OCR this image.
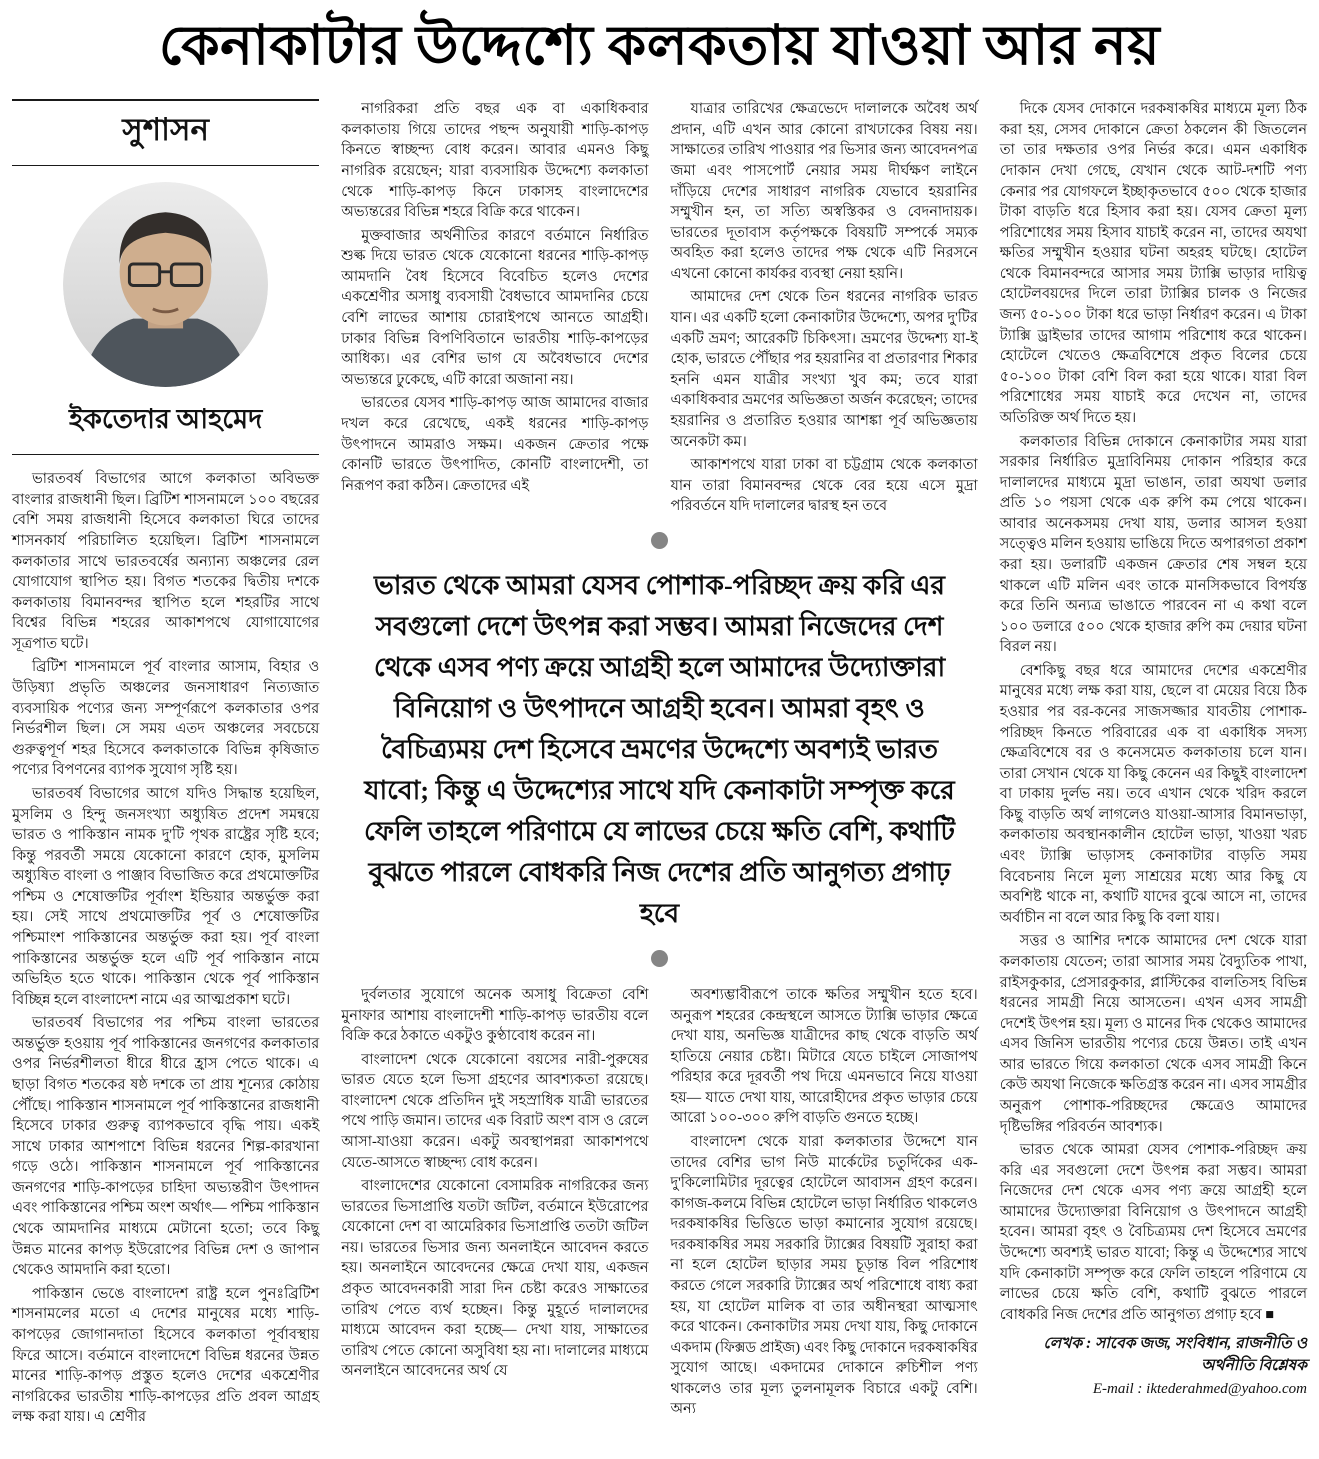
কেনাকাটার উদ্দেশ্যে কলকতায় যাওয়া আর নয়
সুশাসন
ইকতেদার আহমেদ

ভারতবর্ষ বিভাগের আগে কলকাতা অবিভক্ত বাংলার রাজধানী ছিল। ব্রিটিশ শাসনামলে ১০০ বছরের বেশি সময় রাজধানী হিসেবে কলকাতা ঘিরে তাদের শাসনকার্য পরিচালিত হয়েছিল। ব্রিটিশ শাসনামলে কলকাতার সাথে ভারতবর্ষের অন্যান্য অঞ্চলের রেল যোগাযোগ স্থাপিত হয়। বিগত শতকের দ্বিতীয় দশকে কলকাতায় বিমানবন্দর স্থাপিত হলে শহরটির সাথে বিশ্বের বিভিন্ন শহরের আকাশপথে যোগাযোগের সূত্রপাত ঘটে।

ব্রিটিশ শাসনামলে পূর্ব বাংলার আসাম, বিহার ও উড়িষ্যা প্রভৃতি অঞ্চলের জনসাধারণ নিত্যজাত ব্যবসায়িক পণ্যের জন্য সম্পূর্ণরূপে কলকাতার ওপর নির্ভরশীল ছিল। সে সময় এতদ অঞ্চলের সবচেয়ে গুরুত্বপূর্ণ শহর হিসেবে কলকাতাকে বিভিন্ন কৃষিজাত পণ্যের বিপণনের ব্যাপক সুযোগ সৃষ্টি হয়।

ভারতবর্ষ বিভাগের আগে যদিও সিদ্ধান্ত হয়েছিল, মুসলিম ও হিন্দু জনসংখ্যা অধ্যুষিত প্রদেশ সমন্বয়ে ভারত ও পাকিস্তান নামক দু'টি পৃথক রাষ্ট্রের সৃষ্টি হবে; কিন্তু পরবর্তী সময়ে যেকোনো কারণে হোক, মুসলিম অধ্যুষিত বাংলা ও পাঞ্জাব বিভাজিত করে প্রথমোক্তটির পশ্চিম ও শেষোক্তটির পূর্বাংশ ইন্ডিয়ার অন্তর্ভুক্ত করা হয়। সেই সাথে প্রথমোক্তটির পূর্ব ও শেষোক্তটির পশ্চিমাংশ পাকিস্তানের অন্তর্ভুক্ত করা হয়। পূর্ব বাংলা পাকিস্তানের অন্তর্ভুক্ত হলে এটি পূর্ব পাকিস্তান নামে অভিহিত হতে থাকে। পাকিস্তান থেকে পূর্ব পাকিস্তান বিচ্ছিন্ন হলে বাংলাদেশ নামে এর আত্মপ্রকাশ ঘটে।

ভারতবর্ষ বিভাগের পর পশ্চিম বাংলা ভারতের অন্তর্ভুক্ত হওয়ায় পূর্ব পাকিস্তানের জনগণের কলকাতার ওপর নির্ভরশীলতা ধীরে ধীরে হ্রাস পেতে থাকে। এ ছাড়া বিগত শতকের ষষ্ঠ দশকে তা প্রায় শূন্যের কোঠায় পৌঁছে। পাকিস্তান শাসনামলে পূর্ব পাকিস্তানের রাজধানী হিসেবে ঢাকার গুরুত্ব ব্যাপকভাবে বৃদ্ধি পায়। একই সাথে ঢাকার আশপাশে বিভিন্ন ধরনের শিল্প-কারখানা গড়ে ওঠে। পাকিস্তান শাসনামলে পূর্ব পাকিস্তানের জনগণের শাড়ি-কাপড়ের চাহিদা অভ্যন্তরীণ উৎপাদন এবং পাকিস্তানের পশ্চিম অংশ অর্থাৎ— পশ্চিম পাকিস্তান থেকে আমদানির মাধ্যমে মেটানো হতো; তবে কিছু উন্নত মানের কাপড় ইউরোপের বিভিন্ন দেশ ও জাপান থেকেও আমদানি করা হতো।

পাকিস্তান ভেঙে বাংলাদেশ রাষ্ট্র হলে পুনঃব্রিটিশ শাসনামলের মতো এ দেশের মানুষের মধ্যে শাড়ি-কাপড়ের জোগানদাতা হিসেবে কলকাতা পূর্বাবস্থায় ফিরে আসে। বর্তমানে বাংলাদেশে বিভিন্ন ধরনের উন্নত মানের শাড়ি-কাপড় প্রস্তুত হলেও দেশের একশ্রেণীর নাগরিকের ভারতীয় শাড়ি-কাপড়ের প্রতি প্রবল আগ্রহ লক্ষ করা যায়। এ শ্রেণীর

নাগরিকরা প্রতি বছর এক বা একাধিকবার কলকাতায় গিয়ে তাদের পছন্দ অনুযায়ী শাড়ি-কাপড় কিনতে স্বাচ্ছন্দ্য বোধ করেন। আবার এমনও কিছু নাগরিক রয়েছেন; যারা ব্যবসায়িক উদ্দেশ্যে কলকাতা থেকে শাড়ি-কাপড় কিনে ঢাকাসহ বাংলাদেশের অভ্যন্তরের বিভিন্ন শহরে বিক্রি করে থাকেন।

মুক্তবাজার অর্থনীতির কারণে বর্তমানে নির্ধারিত শুল্ক দিয়ে ভারত থেকে যেকোনো ধরনের শাড়ি-কাপড় আমদানি বৈধ হিসেবে বিবেচিত হলেও দেশের একশ্রেণীর অসাধু ব্যবসায়ী বৈধভাবে আমদানির চেয়ে বেশি লাভের আশায় চোরাইপথে আনতে আগ্রহী। ঢাকার বিভিন্ন বিপণিবিতানে ভারতীয় শাড়ি-কাপড়ের আধিক্য। এর বেশির ভাগ যে অবৈধভাবে দেশের অভ্যন্তরে ঢুকেছে, এটি কারো অজানা নয়।

ভারতের যেসব শাড়ি-কাপড় আজ আমাদের বাজার দখল করে রেখেছে, একই ধরনের শাড়ি-কাপড় উৎপাদনে আমরাও সক্ষম। একজন ক্রেতার পক্ষে কোনটি ভারতে উৎপাদিত, কোনটি বাংলাদেশী, তা নিরূপণ করা কঠিন। ক্রেতাদের এই

যাত্রার তারিখের ক্ষেত্রভেদে দালালকে অবৈধ অর্থ প্রদান, এটি এখন আর কোনো রাখঢাকের বিষয় নয়। সাক্ষাতের তারিখ পাওয়ার পর ভিসার জন্য আবেদনপত্র জমা এবং পাসপোর্ট নেয়ার সময় দীর্ঘক্ষণ লাইনে দাঁড়িয়ে দেশের সাধারণ নাগরিক যেভাবে হয়রানির সম্মুখীন হন, তা সত্যি অস্বস্তিকর ও বেদনাদায়ক। ভারতের দূতাবাস কর্তৃপক্ষকে বিষয়টি সম্পর্কে সম্যক অবহিত করা হলেও তাদের পক্ষ থেকে এটি নিরসনে এখনো কোনো কার্যকর ব্যবস্থা নেয়া হয়নি।

আমাদের দেশ থেকে তিন ধরনের নাগরিক ভারত যান। এর একটি হলো কেনাকাটার উদ্দেশ্যে, অপর দু'টির একটি ভ্রমণ; আরেকটি চিকিৎসা। ভ্রমণের উদ্দেশ্য যা-ই হোক, ভারতে পৌঁছার পর হয়রানির বা প্রতারণার শিকার হননি এমন যাত্রীর সংখ্যা খুব কম; তবে যারা একাধিকবার ভ্রমণের অভিজ্ঞতা অর্জন করেছেন; তাদের হয়রানির ও প্রতারিত হওয়ার আশঙ্কা পূর্ব অভিজ্ঞতায় অনেকটা কম।

আকাশপথে যারা ঢাকা বা চট্টগ্রাম থেকে কলকাতা যান তারা বিমানবন্দর থেকে বের হয়ে এসে মুদ্রা পরিবর্তনে যদি দালালের দ্বারস্থ হন তবে

ভারত থেকে আমরা যেসব পোশাক-পরিচ্ছদ ক্রয় করি এর সবগুলো দেশে উৎপন্ন করা সম্ভব। আমরা নিজেদের দেশ থেকে এসব পণ্য ক্রয়ে আগ্রহী হলে আমাদের উদ্যোক্তারা বিনিয়োগ ও উৎপাদনে আগ্রহী হবেন। আমরা বৃহৎ ও বৈচিত্র্যময় দেশ হিসেবে ভ্রমণের উদ্দেশ্যে অবশ্যই ভারত যাবো; কিন্তু এ উদ্দেশ্যের সাথে যদি কেনাকাটা সম্পৃক্ত করে ফেলি তাহলে পরিণামে যে লাভের চেয়ে ক্ষতি বেশি, কথাটি বুঝতে পারলে বোধকরি নিজ দেশের প্রতি আনুগত্য প্রগাঢ় হবে

দুর্বলতার সুযোগে অনেক অসাধু বিক্রেতা বেশি মুনাফার আশায় বাংলাদেশী শাড়ি-কাপড় ভারতীয় বলে বিক্রি করে ঠকাতে একটুও কুণ্ঠাবোধ করেন না।

বাংলাদেশ থেকে যেকোনো বয়সের নারী-পুরুষের ভারত যেতে হলে ভিসা গ্রহণের আবশ্যকতা রয়েছে। বাংলাদেশ থেকে প্রতিদিন দুই সহস্রাধিক যাত্রী ভারতের পথে পাড়ি জমান। তাদের এক বিরাট অংশ বাস ও রেলে আসা-যাওয়া করেন। একটু অবস্থাপন্নরা আকাশপথে যেতে-আসতে স্বাচ্ছন্দ্য বোধ করেন।

বাংলাদেশের যেকোনো বেসামরিক নাগরিকের জন্য ভারতের ভিসাপ্রাপ্তি যতটা জটিল, বর্তমানে ইউরোপের যেকোনো দেশ বা আমেরিকার ভিসাপ্রাপ্তি ততটা জটিল নয়। ভারতের ভিসার জন্য অনলাইনে আবেদন করতে হয়। অনলাইনে আবেদনের ক্ষেত্রে দেখা যায়, একজন প্রকৃত আবেদনকারী সারা দিন চেষ্টা করেও সাক্ষাতের তারিখ পেতে ব্যর্থ হচ্ছেন। কিন্তু মুহূর্তে দালালদের মাধ্যমে আবেদন করা হচ্ছে— দেখা যায়, সাক্ষাতের তারিখ পেতে কোনো অসুবিধা হয় না। দালালের মাধ্যমে অনলাইনে আবেদনের অর্থ যে

অবশ্যম্ভাবীরূপে তাকে ক্ষতির সম্মুখীন হতে হবে। অনুরূপ শহরের কেন্দ্রস্থলে আসতে ট্যাক্সি ভাড়ার ক্ষেত্রে দেখা যায়, অনভিজ্ঞ যাত্রীদের কাছ থেকে বাড়তি অর্থ হাতিয়ে নেয়ার চেষ্টা। মিটারে যেতে চাইলে সোজাপথ পরিহার করে দূরবর্তী পথ দিয়ে এমনভাবে নিয়ে যাওয়া হয়— যাতে দেখা যায়, আরোহীদের প্রকৃত ভাড়ার চেয়ে আরো ১০০-৩০০ রুপি বাড়তি গুনতে হচ্ছে।

বাংলাদেশ থেকে যারা কলকাতার উদ্দেশে যান তাদের বেশির ভাগ নিউ মার্কেটের চতুর্দিকের এক-দু'কিলোমিটার দূরত্বের হোটেলে আবাসন গ্রহণ করেন। কাগজ-কলমে বিভিন্ন হোটেলে ভাড়া নির্ধারিত থাকলেও দরকষাকষির ভিত্তিতে ভাড়া কমানোর সুযোগ রয়েছে। দরকষাকষির সময় সরকারি ট্যাক্সের বিষয়টি সুরাহা করা না হলে হোটেল ছাড়ার সময় চূড়ান্ত বিল পরিশোধ করতে গেলে সরকারি ট্যাক্সের অর্থ পরিশোধে বাধ্য করা হয়, যা হোটেল মালিক বা তার অধীনস্থরা আত্মসাৎ করে থাকেন। কেনাকাটার সময় দেখা যায়, কিছু দোকানে একদাম (ফিক্সড প্রাইজ) এবং কিছু দোকানে দরকষাকষির সুযোগ আছে। একদামের দোকানে রুচিশীল পণ্য থাকলেও তার মূল্য তুলনামূলক বিচারে একটু বেশি। অন্য

দিকে যেসব দোকানে দরকষাকষির মাধ্যমে মূল্য ঠিক করা হয়, সেসব দোকানে ক্রেতা ঠকলেন কী জিতলেন তা তার দক্ষতার ওপর নির্ভর করে। এমন একাধিক দোকান দেখা গেছে, যেখান থেকে আট-দশটি পণ্য কেনার পর যোগফলে ইচ্ছাকৃতভাবে ৫০০ থেকে হাজার টাকা বাড়তি ধরে হিসাব করা হয়। যেসব ক্রেতা মূল্য পরিশোধের সময় হিসাব যাচাই করেন না, তাদের অযথা ক্ষতির সম্মুখীন হওয়ার ঘটনা অহরহ ঘটছে। হোটেল থেকে বিমানবন্দরে আসার সময় ট্যাক্সি ভাড়ার দায়িত্ব হোটেলবয়দের দিলে তারা ট্যাক্সির চালক ও নিজের জন্য ৫০-১০০ টাকা ধরে ভাড়া নির্ধারণ করেন। এ টাকা ট্যাক্সি ড্রাইভার তাদের আগাম পরিশোধ করে থাকেন। হোটেলে খেতেও ক্ষেত্রবিশেষে প্রকৃত বিলের চেয়ে ৫০-১০০ টাকা বেশি বিল করা হয়ে থাকে। যারা বিল পরিশোধের সময় যাচাই করে দেখেন না, তাদের অতিরিক্ত অর্থ দিতে হয়।

কলকাতার বিভিন্ন দোকানে কেনাকাটার সময় যারা সরকার নির্ধারিত মুদ্রাবিনিময় দোকান পরিহার করে দালালদের মাধ্যমে মুদ্রা ভাঙান, তারা অযথা ডলার প্রতি ১০ পয়সা থেকে এক রুপি কম পেয়ে থাকেন। আবার অনেকসময় দেখা যায়, ডলার আসল হওয়া সত্ত্বেও মলিন হওয়ায় ভাঙিয়ে দিতে অপারগতা প্রকাশ করা হয়। ডলারটি একজন ক্রেতার শেষ সম্বল হয়ে থাকলে এটি মলিন এবং তাকে মানসিকভাবে বিপর্যস্ত করে তিনি অন্যত্র ভাঙাতে পারবেন না এ কথা বলে ১০০ ডলারে ৫০০ থেকে হাজার রুপি কম দেয়ার ঘটনা বিরল নয়।

বেশকিছু বছর ধরে আমাদের দেশের একশ্রেণীর মানুষের মধ্যে লক্ষ করা যায়, ছেলে বা মেয়ের বিয়ে ঠিক হওয়ার পর বর-কনের সাজসজ্জার যাবতীয় পোশাক-পরিচ্ছদ কিনতে পরিবারের এক বা একাধিক সদস্য ক্ষেত্রবিশেষে বর ও কনেসমেত কলকাতায় চলে যান। তারা সেখান থেকে যা কিছু কেনেন এর কিছুই বাংলাদেশ বা ঢাকায় দুর্লভ নয়। তবে এখান থেকে খরিদ করলে কিছু বাড়তি অর্থ লাগলেও যাওয়া-আসার বিমানভাড়া, কলকাতায় অবস্থানকালীন হোটেল ভাড়া, খাওয়া খরচ এবং ট্যাক্সি ভাড়াসহ কেনাকাটার বাড়তি সময় বিবেচনায় নিলে মূল্য সাশ্রয়ের মধ্যে আর কিছু যে অবশিষ্ট থাকে না, কথাটি যাদের বুঝে আসে না, তাদের অর্বাচীন না বলে আর কিছু কি বলা যায়।

সত্তর ও আশির দশকে আমাদের দেশ থেকে যারা কলকাতায় যেতেন; তারা আসার সময় বৈদ্যুতিক পাখা, রাইসকুকার, প্রেসারকুকার, প্লাস্টিকের বালতিসহ বিভিন্ন ধরনের সামগ্রী নিয়ে আসতেন। এখন এসব সামগ্রী দেশেই উৎপন্ন হয়। মূল্য ও মানের দিক থেকেও আমাদের এসব জিনিস ভারতীয় পণ্যের চেয়ে উন্নত। তাই এখন আর ভারতে গিয়ে কলকাতা থেকে এসব সামগ্রী কিনে কেউ অযথা নিজেকে ক্ষতিগ্রস্ত করেন না। এসব সামগ্রীর অনুরূপ পোশাক-পরিচ্ছদের ক্ষেত্রেও আমাদের দৃষ্টিভঙ্গির পরিবর্তন আবশ্যক।

ভারত থেকে আমরা যেসব পোশাক-পরিচ্ছদ ক্রয় করি এর সবগুলো দেশে উৎপন্ন করা সম্ভব। আমরা নিজেদের দেশ থেকে এসব পণ্য ক্রয়ে আগ্রহী হলে আমাদের উদ্যোক্তারা বিনিয়োগ ও উৎপাদনে আগ্রহী হবেন। আমরা বৃহৎ ও বৈচিত্র্যময় দেশ হিসেবে ভ্রমণের উদ্দেশ্যে অবশ্যই ভারত যাবো; কিন্তু এ উদ্দেশ্যের সাথে যদি কেনাকাটা সম্পৃক্ত করে ফেলি তাহলে পরিণামে যে লাভের চেয়ে ক্ষতি বেশি, কথাটি বুঝতে পারলে বোধকরি নিজ দেশের প্রতি আনুগত্য প্রগাঢ় হবে ■

লেখক : সাবেক জজ, সংবিধান, রাজনীতি ও অর্থনীতি বিশ্লেষক
E-mail : iktederahmed@yahoo.com
